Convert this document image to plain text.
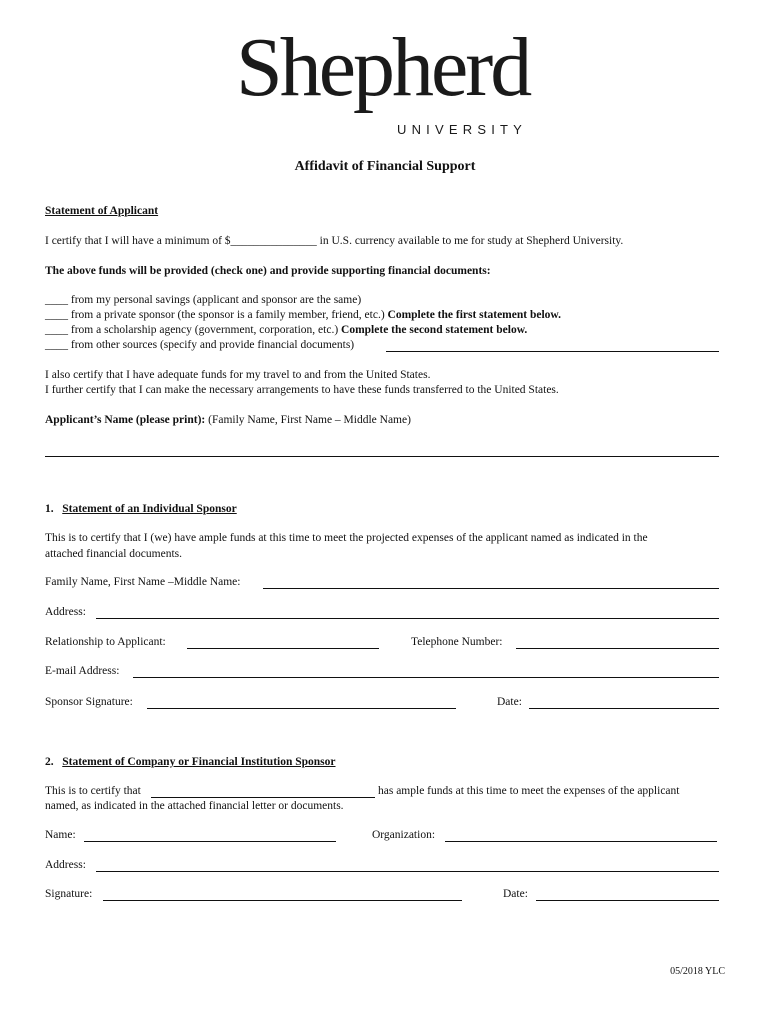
Shepherd
UNIVERSITY
Affidavit of Financial Support
Statement of Applicant
I certify that I will have a minimum of $_______________ in U.S. currency available to me for study at Shepherd University.
The above funds will be provided (check one) and provide supporting financial documents:
____ from my personal savings (applicant and sponsor are the same)
____ from a private sponsor (the sponsor is a family member, friend, etc.) Complete the first statement below.
____ from a scholarship agency (government, corporation, etc.) Complete the second statement below.
____ from other sources (specify and provide financial documents)
I also certify that I have adequate funds for my travel to and from the United States.
I further certify that I can make the necessary arrangements to have these funds transferred to the United States.
Applicant’s Name (please print): (Family Name, First Name – Middle Name)
1. Statement of an Individual Sponsor
This is to certify that I (we) have ample funds at this time to meet the projected expenses of the applicant named as indicated in the
attached financial documents.
Family Name, First Name –Middle Name:
Address:
Relationship to Applicant:	Telephone Number:
E-mail Address:
Sponsor Signature:	Date:
2. Statement of Company or Financial Institution Sponsor
This is to certify that	has ample funds at this time to meet the expenses of the applicant
named, as indicated in the attached financial letter or documents.
Name:	Organization:
Address:
Signature:	Date:
05/2018 YLC
